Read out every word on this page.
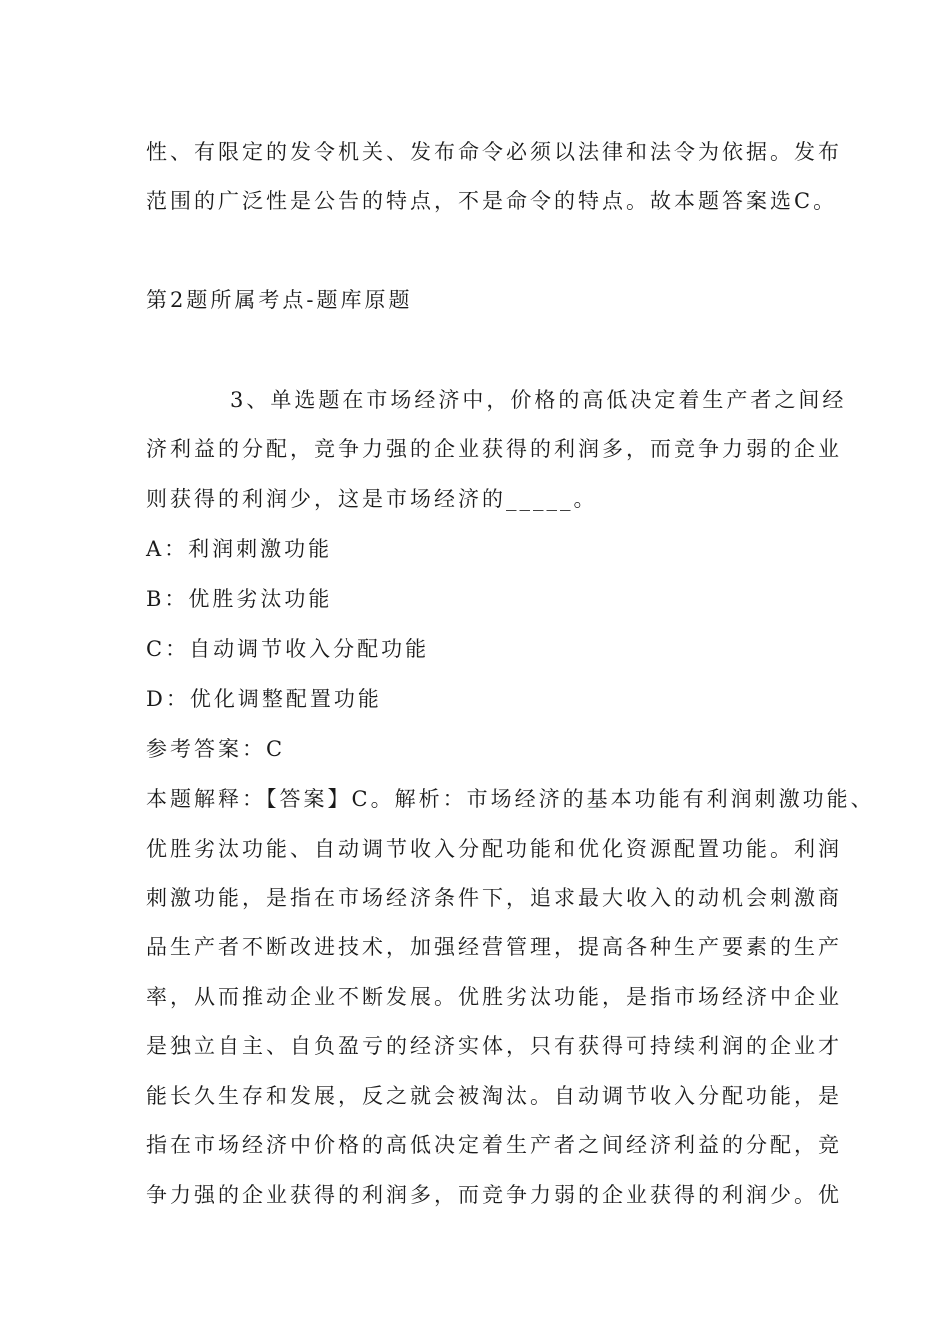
性、有限定的发令机关、发布命令必须以法律和法令为依据。发布
范围的广泛性是公告的特点，不是命令的特点。故本题答案选C。
第2题所属考点-题库原题
3、单选题在市场经济中，价格的高低决定着生产者之间经
济利益的分配，竞争力强的企业获得的利润多，而竞争力弱的企业
则获得的利润少，这是市场经济的_____。
A：利润刺激功能
B：优胜劣汰功能
C：自动调节收入分配功能
D：优化调整配置功能
参考答案：C
本题解释：【答案】C。解析：市场经济的基本功能有利润刺激功能、
优胜劣汰功能、自动调节收入分配功能和优化资源配置功能。利润
刺激功能，是指在市场经济条件下，追求最大收入的动机会刺激商
品生产者不断改进技术，加强经营管理，提高各种生产要素的生产
率，从而推动企业不断发展。优胜劣汰功能，是指市场经济中企业
是独立自主、自负盈亏的经济实体，只有获得可持续利润的企业才
能长久生存和发展，反之就会被淘汰。自动调节收入分配功能，是
指在市场经济中价格的高低决定着生产者之间经济利益的分配，竞
争力强的企业获得的利润多，而竞争力弱的企业获得的利润少。优
